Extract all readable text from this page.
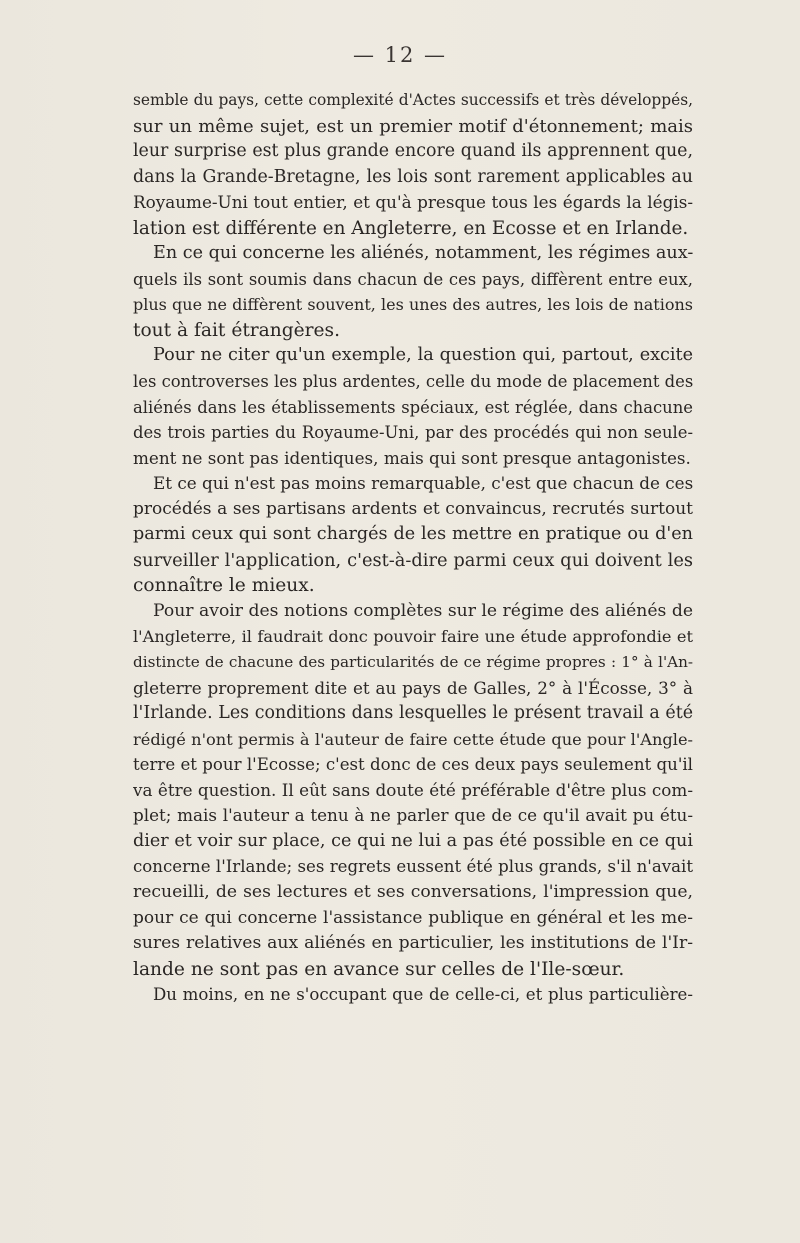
— 12 —
semble du pays, cette complexité d'Actes successifs et très développés,
sur un même sujet, est un premier motif d'étonnement; mais
leur surprise est plus grande encore quand ils apprennent que,
dans la Grande-Bretagne, les lois sont rarement applicables au
Royaume-Uni tout entier, et qu'à presque tous les égards la légis-
lation est différente en Angleterre, en Ecosse et en Irlande.
En ce qui concerne les aliénés, notamment, les régimes aux-
quels ils sont soumis dans chacun de ces pays, diffèrent entre eux,
plus que ne diffèrent souvent, les unes des autres, les lois de nations
tout à fait étrangères.
Pour ne citer qu'un exemple, la question qui, partout, excite
les controverses les plus ardentes, celle du mode de placement des
aliénés dans les établissements spéciaux, est réglée, dans chacune
des trois parties du Royaume-Uni, par des procédés qui non seule-
ment ne sont pas identiques, mais qui sont presque antagonistes.
Et ce qui n'est pas moins remarquable, c'est que chacun de ces
procédés a ses partisans ardents et convaincus, recrutés surtout
parmi ceux qui sont chargés de les mettre en pratique ou d'en
surveiller l'application, c'est-à-dire parmi ceux qui doivent les
connaître le mieux.
Pour avoir des notions complètes sur le régime des aliénés de
l'Angleterre, il faudrait donc pouvoir faire une étude approfondie et
distincte de chacune des particularités de ce régime propres : 1° à l'An-
gleterre proprement dite et au pays de Galles, 2° à l'Écosse, 3° à
l'Irlande. Les conditions dans lesquelles le présent travail a été
rédigé n'ont permis à l'auteur de faire cette étude que pour l'Angle-
terre et pour l'Ecosse; c'est donc de ces deux pays seulement qu'il
va être question. Il eût sans doute été préférable d'être plus com-
plet; mais l'auteur a tenu à ne parler que de ce qu'il avait pu étu-
dier et voir sur place, ce qui ne lui a pas été possible en ce qui
concerne l'Irlande; ses regrets eussent été plus grands, s'il n'avait
recueilli, de ses lectures et ses conversations, l'impression que,
pour ce qui concerne l'assistance publique en général et les me-
sures relatives aux aliénés en particulier, les institutions de l'Ir-
lande ne sont pas en avance sur celles de l'Ile-sœur.
Du moins, en ne s'occupant que de celle-ci, et plus particulière-
